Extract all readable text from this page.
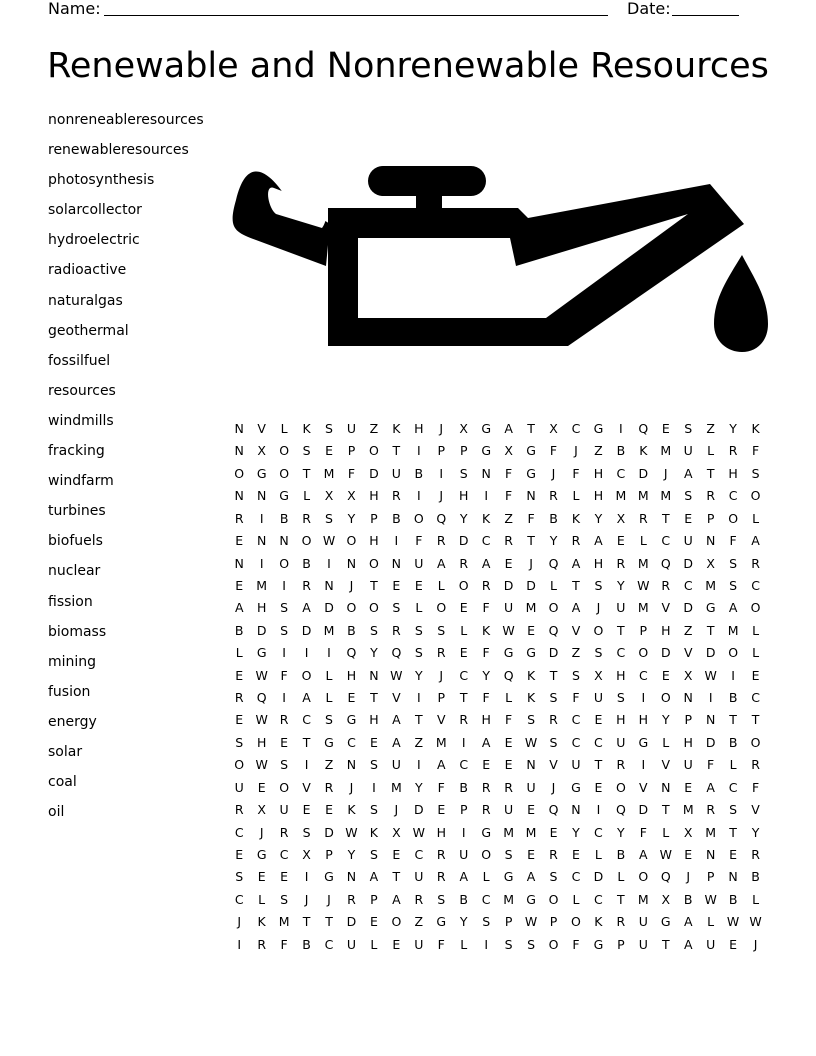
Name:	Date:
Renewable and Nonrenewable Resources
nonreneableresources
renewableresources
photosynthesis
solarcollector
hydroelectric
radioactive
naturalgas
geothermal
fossilfuel
resources
windmills
fracking
windfarm
turbines
biofuels
nuclear
fission
biomass
mining
fusion
energy
solar
coal
oil
N	V	L	K	S	U	Z	K	H	J	X	G	A	T	X	C	G	I	Q	E	S	Z	Y	K
N	X	O	S	E	P	O	T	I	P	P	G	X	G	F	J	Z	B	K	M U	L	R	F
O	G	O	T	M	F	D	U	B	I	S	N	F	G	J	F	H	C	D	J	A	T	H	S
N	N	G	L	X	X	H	R	I	J	H	I	F	N	R	L	H M M M	S	R	C	O
R	I	B	R	S	Y	P	B	O	Q	Y	K	Z	F	B	K	Y	X	R	T	E	P	O	L
E	N	N	O W O	H	I	F	R	D	C	R	T	Y	R	A	E	L	C	U	N	F	A
N	I	O	B	I	N	O	N	U	A	R	A	E	J	Q	A	H	R	M Q	D	X	S	R
E	M	I	R	N	J	T	E	E	L	O	R	D	D	L	T	S	Y W R	C	M	S	C
A	H	S	A	D	O	O	S	L	O	E	F	U M O	A	J	U M	V	D	G	A	O
B	D	S	D M	B	S	R	S	S	L	K W E	Q	V	O	T	P	H	Z	T	M	L
L	G	I	I	I	Q	Y	Q	S	R	E	F	G	G	D	Z	S	C	O	D	V	D	O	L
E W	F	O	L	H	N W Y	J	C	Y	Q	K	T	S	X	H	C	E	X W	I	E
R	Q	I	A	L	E	T	V	I	P	T	F	L	K	S	F	U	S	I	O	N	I	B	C
E W R	C	S	G	H	A	T	V	R	H	F	S	R	C	E	H	H	Y	P	N	T	T
S	H	E	T	G	C	E	A	Z	M	I	A	E W S	C	C	U	G	L	H	D	B	O
O W S	I	Z	N	S	U	I	A	C	E	E	N	V	U	T	R	I	V	U	F	L	R
U	E	O	V	R	J	I	M	Y	F	B	R	R	U	J	G	E	O	V	N	E	A	C	F
R	X	U	E	E	K	S	J	D	E	P	R	U	E	Q	N	I	Q	D	T	M	R	S	V
C	J	R	S	D W K	X W H	I	G M M	E	Y	C	Y	F	L	X	M	T	Y
E	G	C	X	P	Y	S	E	C	R	U	O	S	E	R	E	L	B	A W E	N	E	R
S	E	E	I	G	N	A	T	U	R	A	L	G	A	S	C	D	L	O	Q	J	P	N	B
C	L	S	J	J	R	P	A	R	S	B	C	M G	O	L	C	T	M	X	B W B	L
J	K	M	T	T	D	E	O	Z	G	Y	S	P	W P	O	K	R	U	G	A	L	W W
I	R	F	B	C	U	L	E	U	F	L	I	S	S	O	F	G	P	U	T	A	U	E	J
